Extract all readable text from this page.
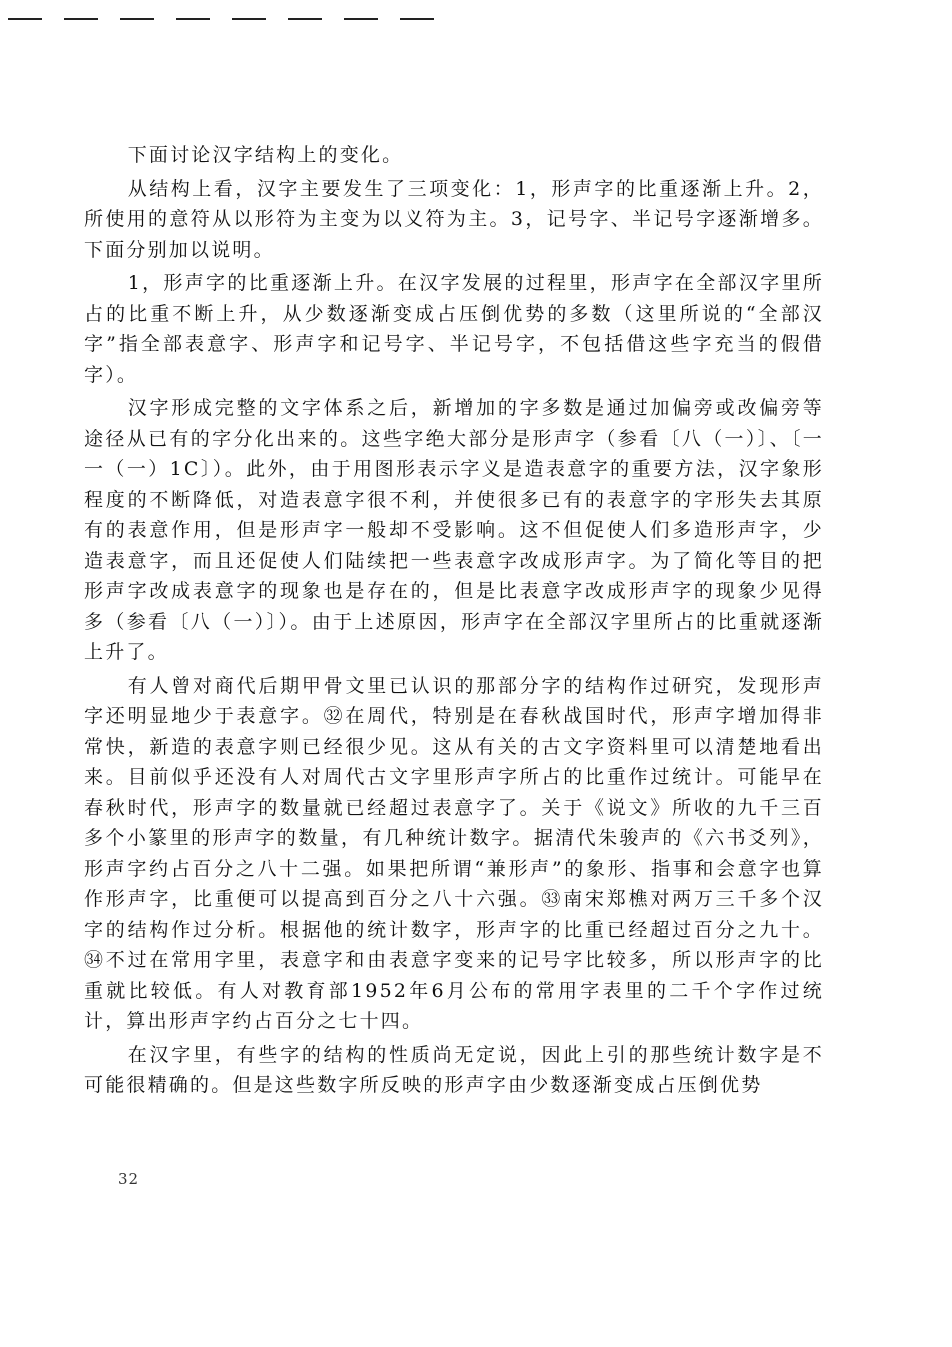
下面讨论汉字结构上的变化。

从结构上看，汉字主要发生了三项变化：1，形声字的比重逐渐上升。2，所使用的意符从以形符为主变为以义符为主。3，记号字、半记号字逐渐增多。下面分别加以说明。

1，形声字的比重逐渐上升。在汉字发展的过程里，形声字在全部汉字里所占的比重不断上升，从少数逐渐变成占压倒优势的多数（这里所说的“全部汉字”指全部表意字、形声字和记号字、半记号字，不包括借这些字充当的假借字）。

汉字形成完整的文字体系之后，新增加的字多数是通过加偏旁或改偏旁等途径从已有的字分化出来的。这些字绝大部分是形声字（参看〔八（一）〕、〔一一（一）1C〕）。此外，由于用图形表示字义是造表意字的重要方法，汉字象形程度的不断降低，对造表意字很不利，并使很多已有的表意字的字形失去其原有的表意作用，但是形声字一般却不受影响。这不但促使人们多造形声字，少造表意字，而且还促使人们陆续把一些表意字改成形声字。为了简化等目的把形声字改成表意字的现象也是存在的，但是比表意字改成形声字的现象少见得多（参看〔八（一）〕）。由于上述原因，形声字在全部汉字里所占的比重就逐渐上升了。

有人曾对商代后期甲骨文里已认识的那部分字的结构作过研究，发现形声字还明显地少于表意字。㉜在周代，特别是在春秋战国时代，形声字增加得非常快，新造的表意字则已经很少见。这从有关的古文字资料里可以清楚地看出来。目前似乎还没有人对周代古文字里形声字所占的比重作过统计。可能早在春秋时代，形声字的数量就已经超过表意字了。关于《说文》所收的九千三百多个小篆里的形声字的数量，有几种统计数字。据清代朱骏声的《六书爻列》，形声字约占百分之八十二强。如果把所谓“兼形声”的象形、指事和会意字也算作形声字，比重便可以提高到百分之八十六强。㉝南宋郑樵对两万三千多个汉字的结构作过分析。根据他的统计数字，形声字的比重已经超过百分之九十。㉞不过在常用字里，表意字和由表意字变来的记号字比较多，所以形声字的比重就比较低。有人对教育部1952年6月公布的常用字表里的二千个字作过统计，算出形声字约占百分之七十四。

在汉字里，有些字的结构的性质尚无定说，因此上引的那些统计数字是不可能很精确的。但是这些数字所反映的形声字由少数逐渐变成占压倒优势

32
